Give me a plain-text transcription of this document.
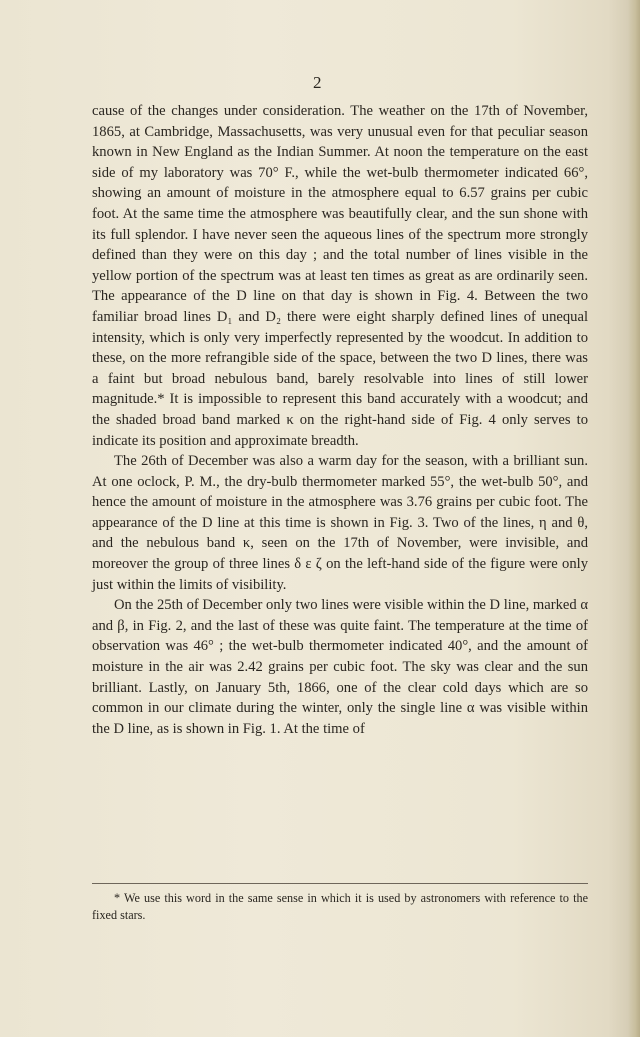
2

cause of the changes under consideration. The weather on the 17th of November, 1865, at Cambridge, Massachusetts, was very unusual even for that peculiar season known in New England as the Indian Summer. At noon the temperature on the east side of my laboratory was 70° F., while the wet-bulb thermometer indicated 66°, showing an amount of moisture in the atmosphere equal to 6.57 grains per cubic foot. At the same time the atmosphere was beautifully clear, and the sun shone with its full splendor. I have never seen the aqueous lines of the spectrum more strongly defined than they were on this day ; and the total number of lines visible in the yellow portion of the spectrum was at least ten times as great as are ordinarily seen. The appearance of the D line on that day is shown in Fig. 4. Between the two familiar broad lines D₁ and D₂ there were eight sharply defined lines of unequal intensity, which is only very imperfectly represented by the woodcut. In addition to these, on the more refrangible side of the space, between the two D lines, there was a faint but broad nebulous band, barely resolvable into lines of still lower magnitude.* It is impossible to represent this band accurately with a woodcut; and the shaded broad band marked κ on the right-hand side of Fig. 4 only serves to indicate its position and approximate breadth.

The 26th of December was also a warm day for the season, with a brilliant sun. At one oclock, P. M., the dry-bulb thermometer marked 55°, the wet-bulb 50°, and hence the amount of moisture in the atmosphere was 3.76 grains per cubic foot. The appearance of the D line at this time is shown in Fig. 3. Two of the lines, η and θ, and the nebulous band κ, seen on the 17th of November, were invisible, and moreover the group of three lines δ ε ζ on the left-hand side of the figure were only just within the limits of visibility.

On the 25th of December only two lines were visible within the D line, marked α and β, in Fig. 2, and the last of these was quite faint. The temperature at the time of observation was 46° ; the wet-bulb thermometer indicated 40°, and the amount of moisture in the air was 2.42 grains per cubic foot. The sky was clear and the sun brilliant. Lastly, on January 5th, 1866, one of the clear cold days which are so common in our climate during the winter, only the single line α was visible within the D line, as is shown in Fig. 1. At the time of

* We use this word in the same sense in which it is used by astronomers with reference to the fixed stars.
